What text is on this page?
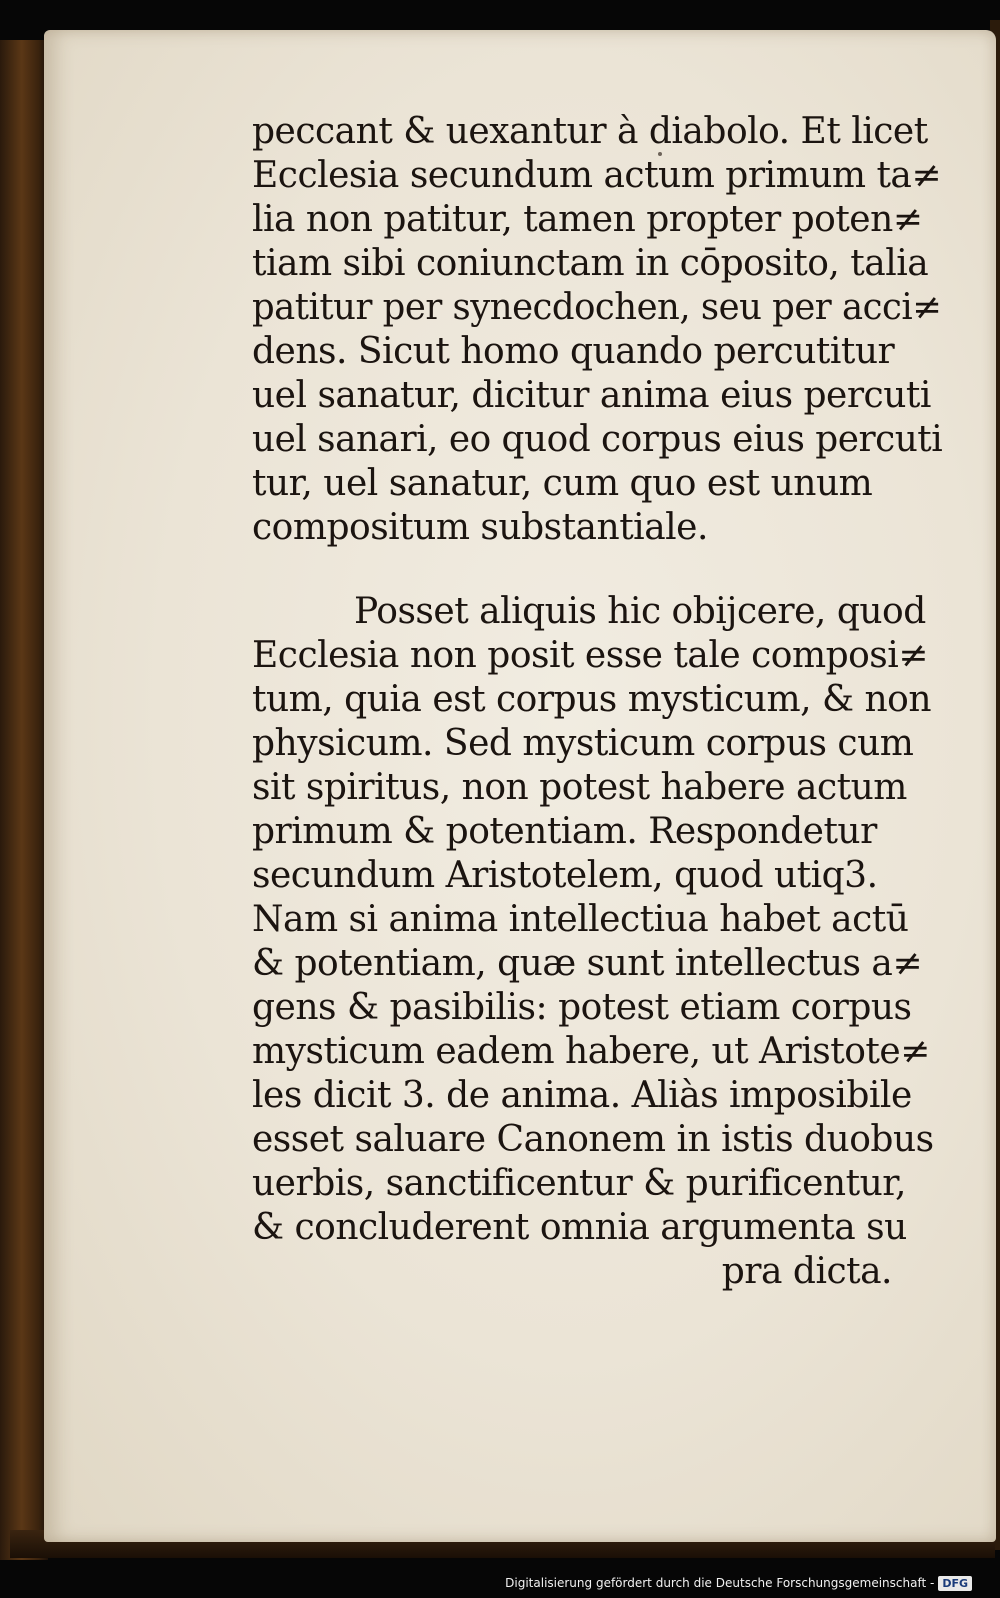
peccant & uexantur à diabolo. Et licet
Ecclesia secundum actum primum ta≠
lia non patitur, tamen propter poten≠
tiam sibi coniunctam in cōposito, talia
patitur per synecdochen, seu per acci≠
dens. Sicut homo quando percutitur
uel sanatur, dicitur anima eius percuti
uel sanari, eo quod corpus eius percuti
tur, uel sanatur, cum quo est unum
compositum substantiale.
Posset aliquis hic obijcere, quod
Ecclesia non posit esse tale composi≠
tum, quia est corpus mysticum, & non
physicum. Sed mysticum corpus cum
sit spiritus, non potest habere actum
primum & potentiam. Respondetur
secundum Aristotelem, quod utiq3.
Nam si anima intellectiua habet actū
& potentiam, quæ sunt intellectus a≠
gens & pasibilis: potest etiam corpus
mysticum eadem habere, ut Aristote≠
les dicit 3. de anima. Aliàs imposibile
esset saluare Canonem in istis duobus
uerbis, sanctificentur & purificentur,
& concluderent omnia argumenta su
pra dicta.
Digitalisierung gefördert durch die Deutsche Forschungsgemeinschaft - DFG
